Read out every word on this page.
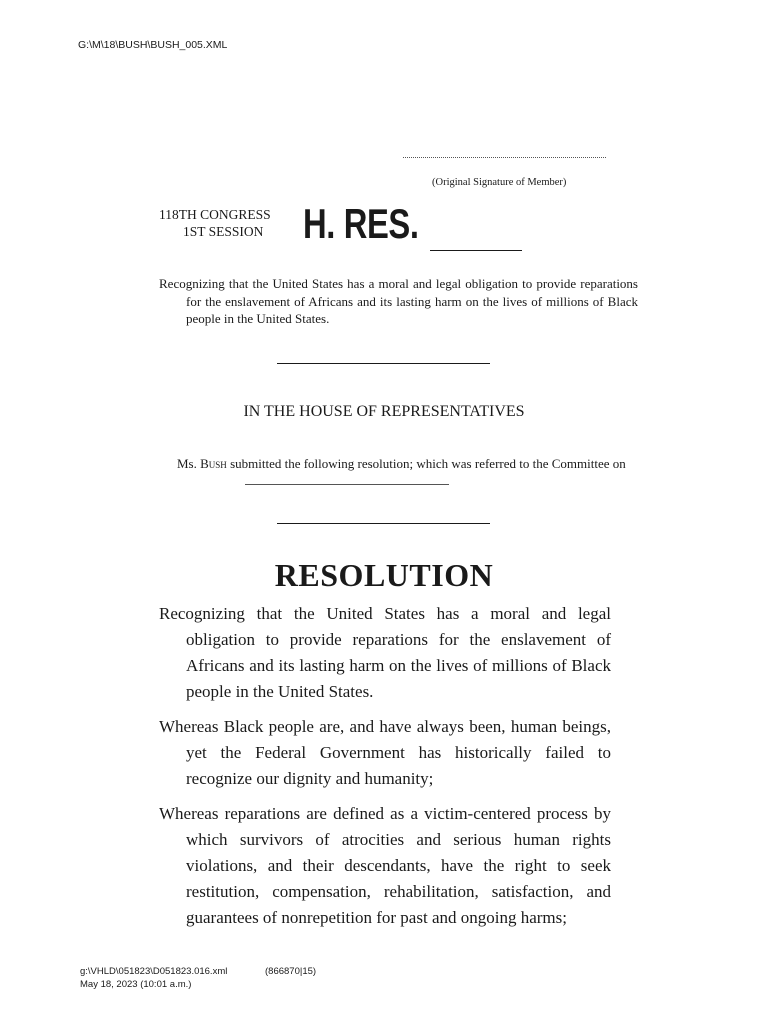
G:\M\18\BUSH\BUSH_005.XML
(Original Signature of Member)
118TH CONGRESS
1ST SESSION H. RES.
Recognizing that the United States has a moral and legal obligation to provide reparations for the enslavement of Africans and its lasting harm on the lives of millions of Black people in the United States.
IN THE HOUSE OF REPRESENTATIVES
Ms. Bush submitted the following resolution; which was referred to the Committee on
RESOLUTION

Recognizing that the United States has a moral and legal obligation to provide reparations for the enslavement of Africans and its lasting harm on the lives of millions of Black people in the United States.

Whereas Black people are, and have always been, human beings, yet the Federal Government has historically failed to recognize our dignity and humanity;

Whereas reparations are defined as a victim-centered process by which survivors of atrocities and serious human rights violations, and their descendants, have the right to seek restitution, compensation, rehabilitation, satisfaction, and guarantees of nonrepetition for past and ongoing harms;

g:\VHLD\051823\D051823.016.xml	(866870|15)
May 18, 2023 (10:01 a.m.)
